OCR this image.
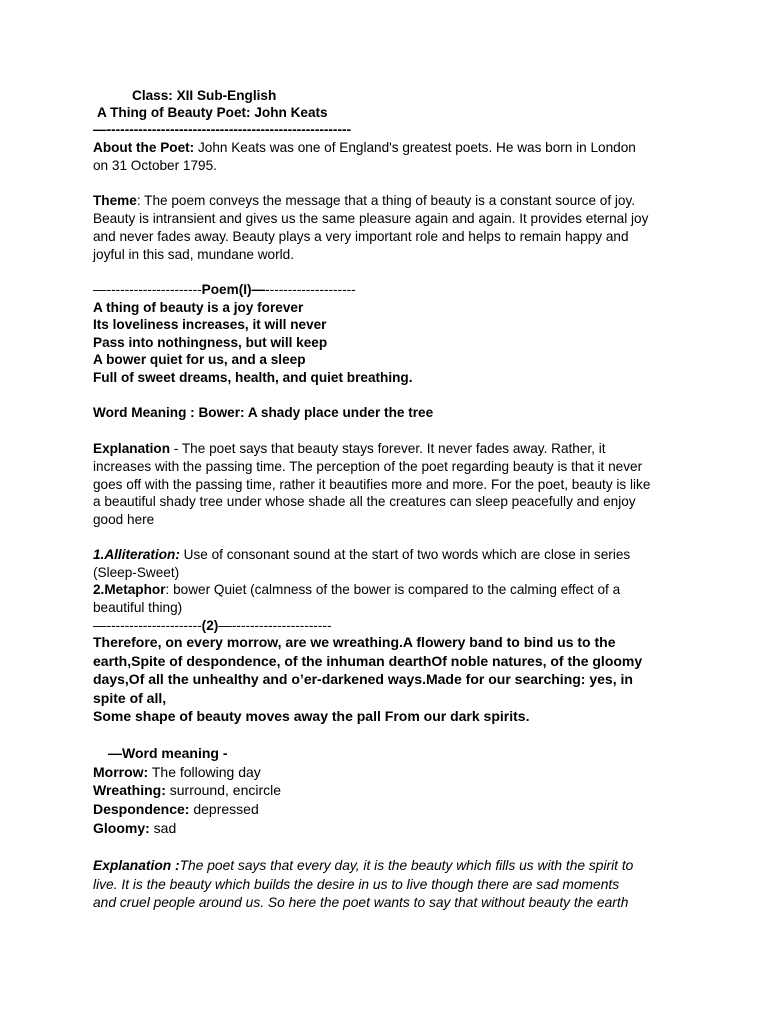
Class: XII Sub-English
A Thing of Beauty Poet: John Keats
—------------------------------------------------------
About the Poet: John Keats was one of England's greatest poets. He was born in London
on 31 October 1795.
Theme: The poem conveys the message that a thing of beauty is a constant source of joy.
Beauty is intransient and gives us the same pleasure again and again. It provides eternal joy
and never fades away. Beauty plays a very important role and helps to remain happy and
joyful in this sad, mundane world.
—---------------------Poem(I)—--------------------
A thing of beauty is a joy forever
Its loveliness increases, it will never
Pass into nothingness, but will keep
A bower quiet for us, and a sleep
Full of sweet dreams, health, and quiet breathing.
Word Meaning : Bower: A shady place under the tree
Explanation - The poet says that beauty stays forever. It never fades away. Rather, it
increases with the passing time. The perception of the poet regarding beauty is that it never
goes off with the passing time, rather it beautifies more and more. For the poet, beauty is like
a beautiful shady tree under whose shade all the creatures can sleep peacefully and enjoy
good here
1.Alliteration: Use of consonant sound at the start of two words which are close in series
(Sleep-Sweet)
2.Metaphor: bower Quiet (calmness of the bower is compared to the calming effect of a
beautiful thing)
—---------------------(2)—----------------------
Therefore, on every morrow, are we wreathing.A flowery band to bind us to the
earth,Spite of despondence, of the inhuman dearthOf noble natures, of the gloomy
days,Of all the unhealthy and o’er-darkened ways.Made for our searching: yes, in
spite of all,
Some shape of beauty moves away the pall From our dark spirits.
—Word meaning -
Morrow: The following day
Wreathing: surround, encircle
Despondence: depressed
Gloomy: sad
Explanation :The poet says that every day, it is the beauty which fills us with the spirit to
live. It is the beauty which builds the desire in us to live though there are sad moments
and cruel people around us. So here the poet wants to say that without beauty the earth
